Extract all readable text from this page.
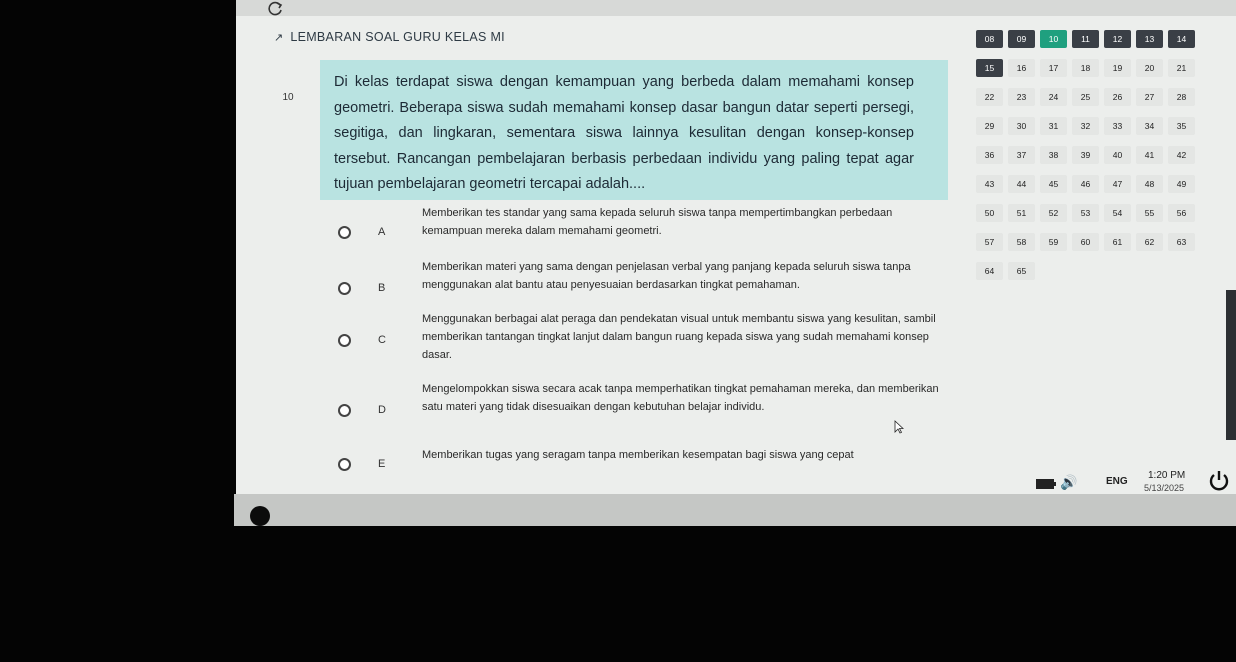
↗ LEMBARAN SOAL GURU KELAS MI
10
Di kelas terdapat siswa dengan kemampuan yang berbeda dalam memahami konsep geometri. Beberapa siswa sudah memahami konsep dasar bangun datar seperti persegi, segitiga, dan lingkaran, sementara siswa lainnya kesulitan dengan konsep-konsep tersebut. Rancangan pembelajaran berbasis perbedaan individu yang paling tepat agar tujuan pembelajaran geometri tercapai adalah....
A
Memberikan tes standar yang sama kepada seluruh siswa tanpa mempertimbangkan perbedaan kemampuan mereka dalam memahami geometri.
B
Memberikan materi yang sama dengan penjelasan verbal yang panjang kepada seluruh siswa tanpa menggunakan alat bantu atau penyesuaian berdasarkan tingkat pemahaman.
C
Menggunakan berbagai alat peraga dan pendekatan visual untuk membantu siswa yang kesulitan, sambil memberikan tantangan tingkat lanjut dalam bangun ruang kepada siswa yang sudah memahami konsep dasar.
D
Mengelompokkan siswa secara acak tanpa memperhatikan tingkat pemahaman mereka, dan memberikan satu materi yang tidak disesuaikan dengan kebutuhan belajar individu.
E
Memberikan tugas yang seragam tanpa memberikan kesempatan bagi siswa yang cepat
08	09	10	11	12	13	14
15	16	17	18	19	20	21
22	23	24	25	26	27	28
29	30	31	32	33	34	35
36	37	38	39	40	41	42
43	44	45	46	47	48	49
50	51	52	53	54	55	56
57	58	59	60	61	62	63
64	65
🔊	ENG
1:20 PM
5/13/2025
